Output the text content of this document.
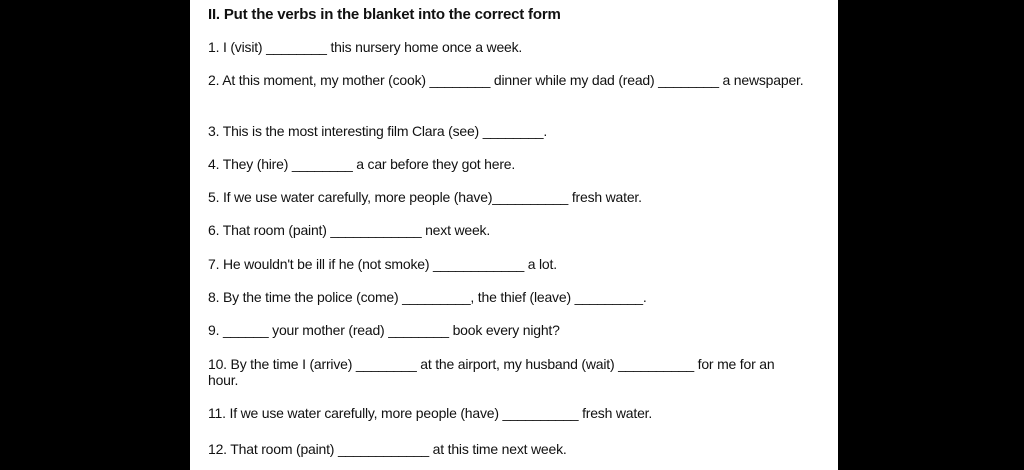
II. Put the verbs in the blanket into the correct form
1. I (visit) ________ this nursery home once a week.
2. At this moment, my mother (cook) ________ dinner while my dad (read) ________ a newspaper.
3. This is the most interesting film Clara (see) ________.
4. They (hire) ________ a car before they got here.
5. If we use water carefully, more people (have)__________ fresh water.
6. That room (paint) ____________ next week.
7. He wouldn't be ill if he (not smoke) ____________ a lot.
8. By the time the police (come) _________, the thief (leave) _________.
9. ______ your mother (read) ________ book every night?
10. By the time I (arrive) ________ at the airport, my husband (wait) __________ for me for an hour.
11. If we use water carefully, more people (have) __________ fresh water.
12. That room (paint) ____________ at this time next week.
